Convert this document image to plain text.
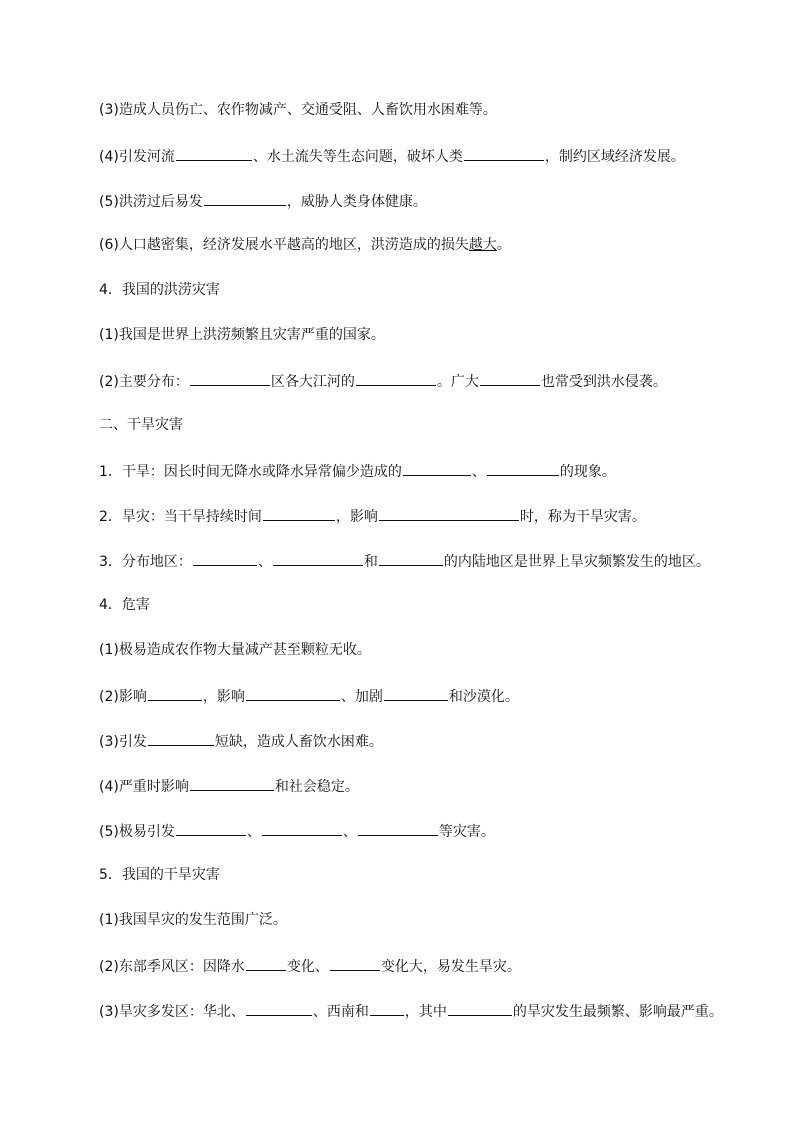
(3)造成人员伤亡、农作物减产、交通受阻、人畜饮用水困难等。
(4)引发河流	、水土流失等生态问题，破坏人类	，制约区域经济发展。
(5)洪涝过后易发	，威胁人类身体健康。
(6)人口越密集，经济发展水平越高的地区，洪涝造成的损失越大。
4．我国的洪涝灾害
(1)我国是世界上洪涝频繁且灾害严重的国家。
(2)主要分布：	区各大江河的	。广大	也常受到洪水侵袭。
二、干旱灾害
1．干旱：因长时间无降水或降水异常偏少造成的	、	的现象。
2．旱灾：当干旱持续时间	，影响	时，称为干旱灾害。
3．分布地区：	、	和	的内陆地区是世界上旱灾频繁发生的地区。
4．危害
(1)极易造成农作物大量减产甚至颗粒无收。
(2)影响	，影响	、加剧	和沙漠化。
(3)引发	短缺，造成人畜饮水困难。
(4)严重时影响	和社会稳定。
(5)极易引发	、	、	等灾害。
5．我国的干旱灾害
(1)我国旱灾的发生范围广泛。
(2)东部季风区：因降水	变化、	变化大，易发生旱灾。
(3)旱灾多发区：华北、	、西南和	，其中	的旱灾发生最频繁、影响最严重。
